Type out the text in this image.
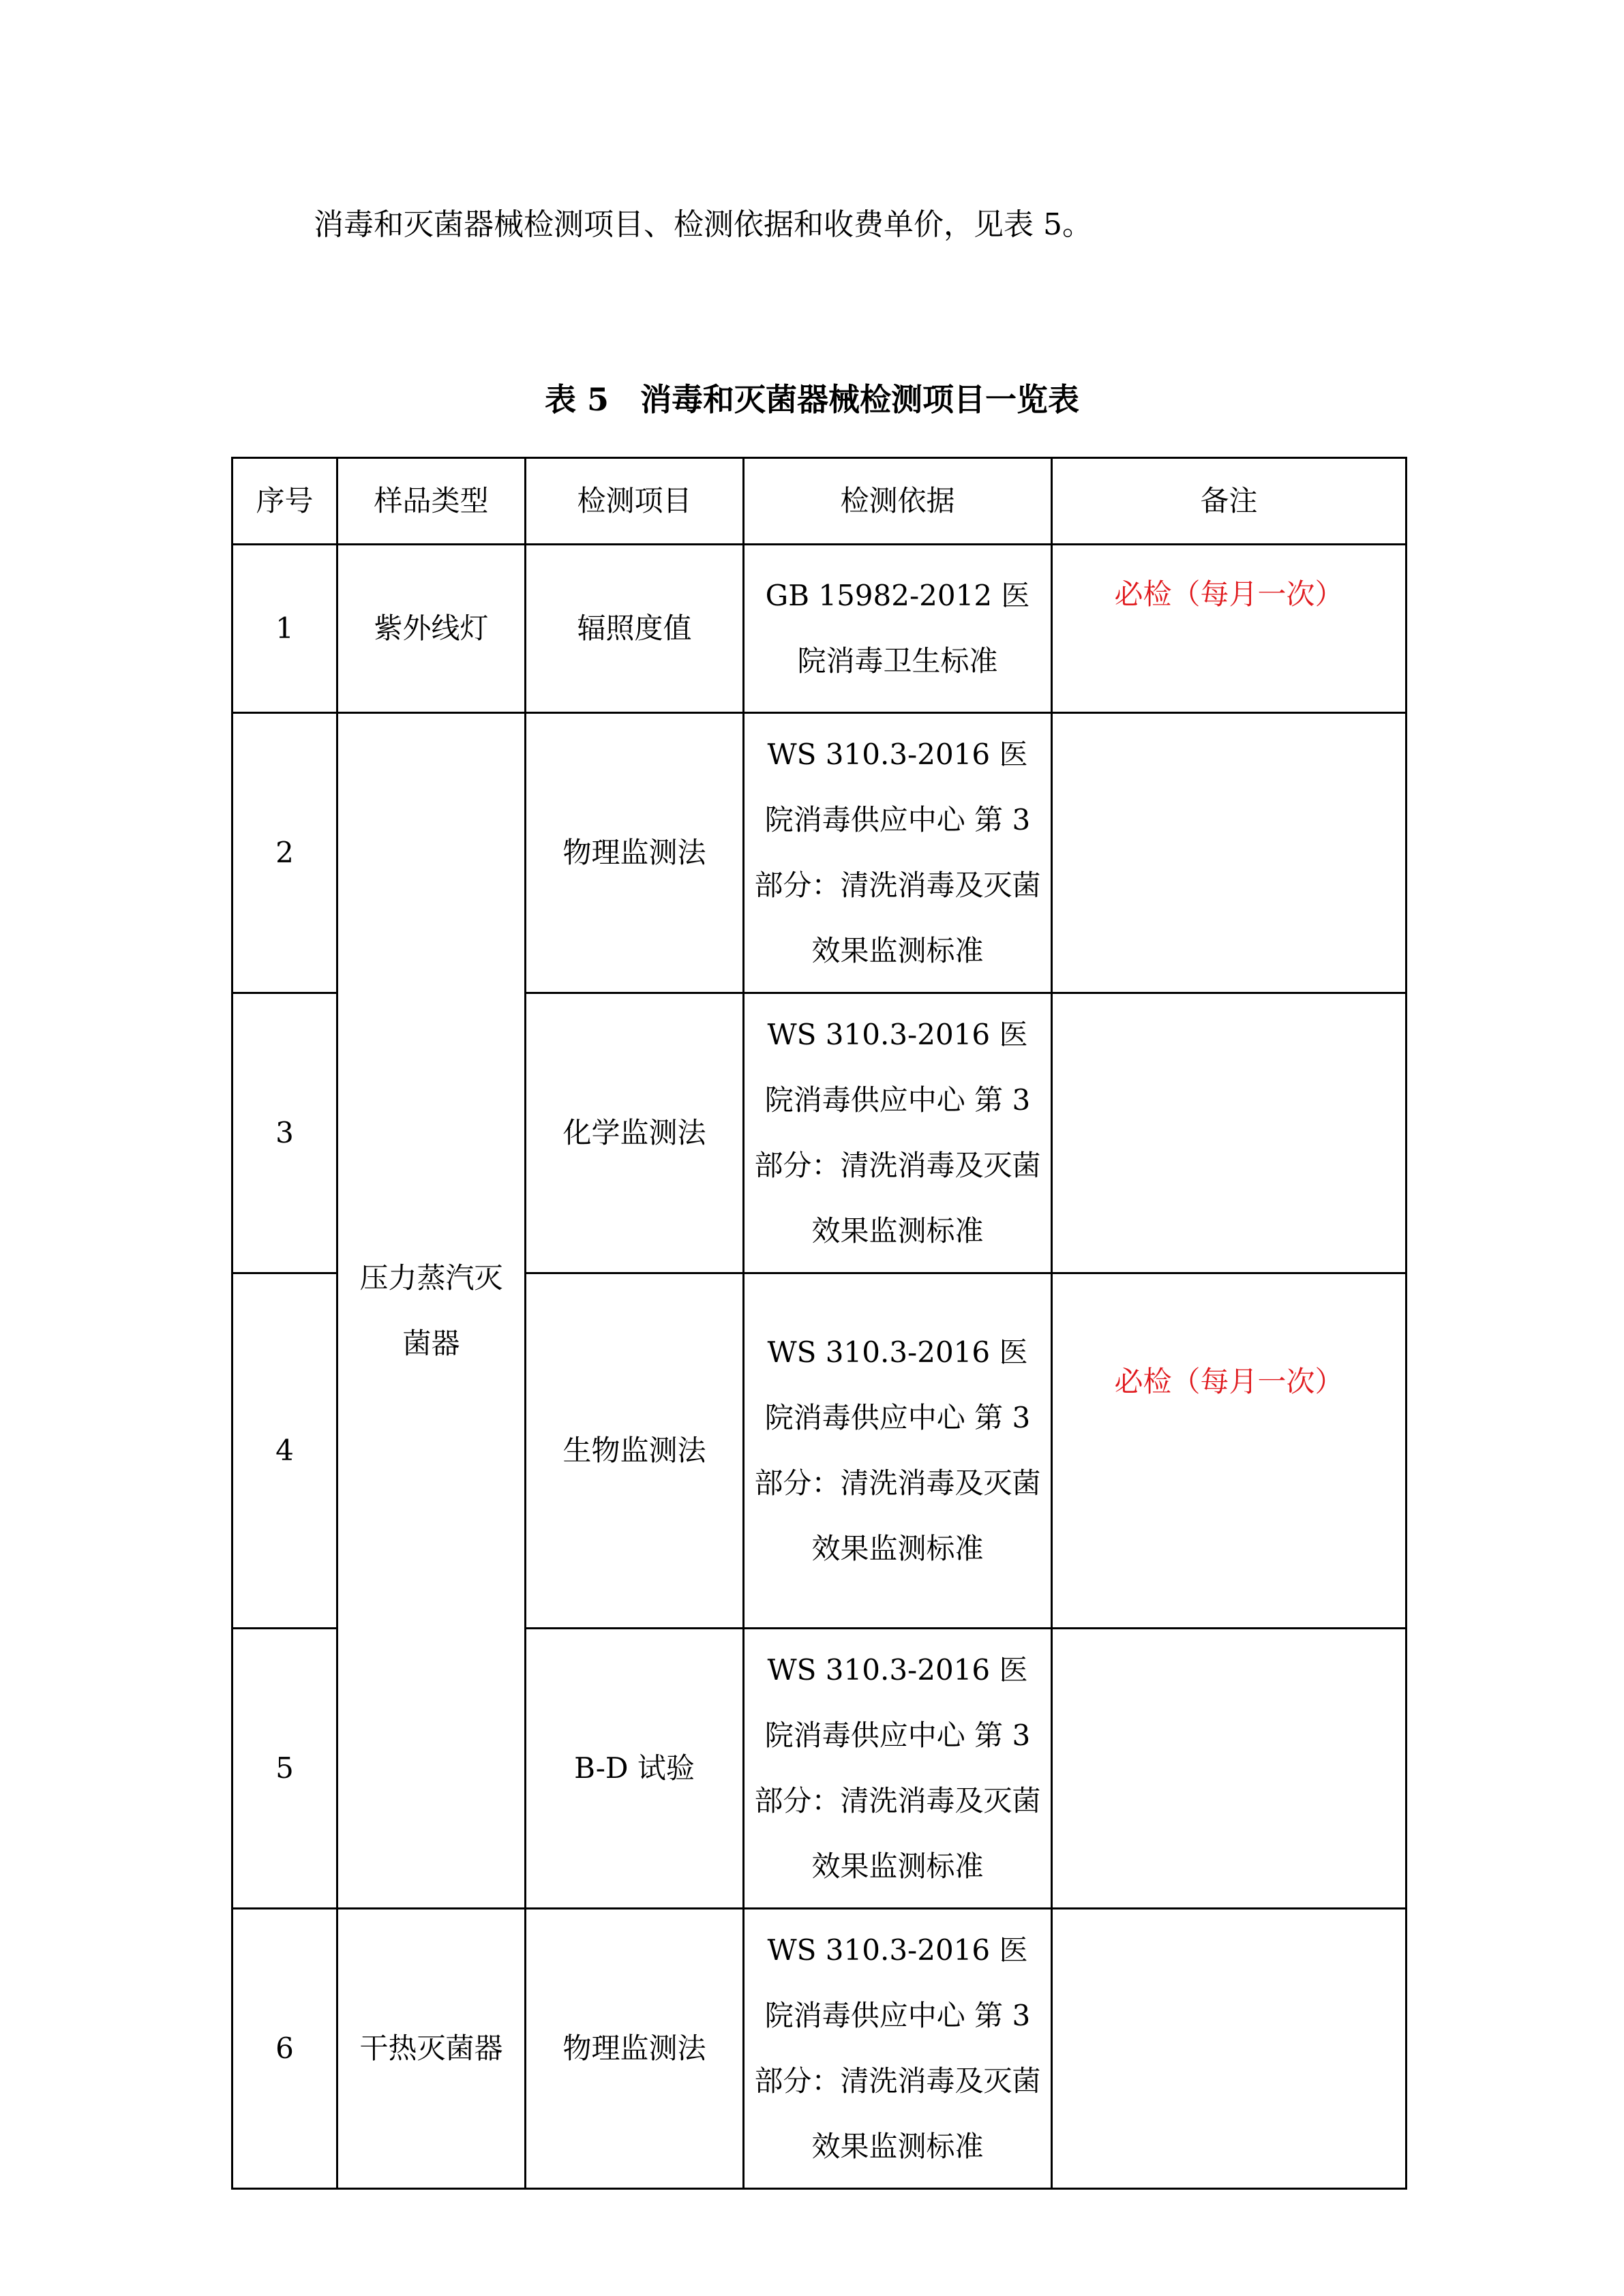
消毒和灭菌器械检测项目、检测依据和收费单价，见表 5。
表 5　消毒和灭菌器械检测项目一览表
序号	样品类型	检测项目	检测依据	备注
1	紫外线灯	辐照度值	GB 15982-2012 医院消毒卫生标准	必检（每月一次）
2	压力蒸汽灭菌器	物理监测法	WS 310.3-2016 医院消毒供应中心 第 3 部分：清洗消毒及灭菌效果监测标准	
3		化学监测法	WS 310.3-2016 医院消毒供应中心 第 3 部分：清洗消毒及灭菌效果监测标准	
4		生物监测法	WS 310.3-2016 医院消毒供应中心 第 3 部分：清洗消毒及灭菌效果监测标准	必检（每月一次）
5		B-D 试验	WS 310.3-2016 医院消毒供应中心 第 3 部分：清洗消毒及灭菌效果监测标准	
6	干热灭菌器	物理监测法	WS 310.3-2016 医院消毒供应中心 第 3 部分：清洗消毒及灭菌效果监测标准	
